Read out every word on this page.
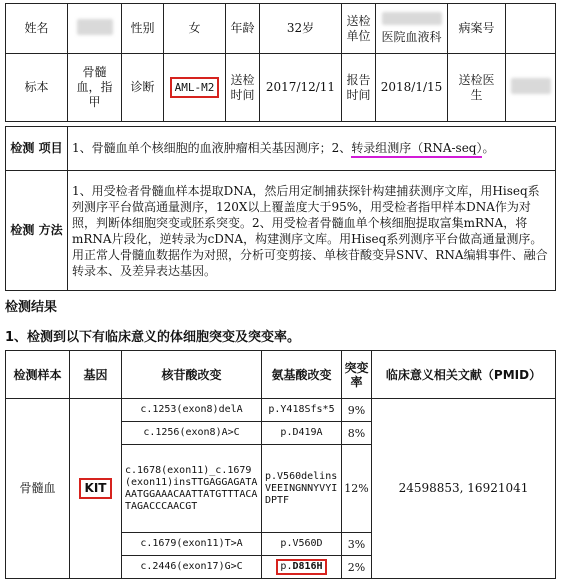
姓名		性别	女	年龄	32岁	送检单位	医院血液科	病案号	
标本	骨髓血，指甲	诊断	AML-M2	送检时间	2017/12/11	报告时间	2018/1/15	送检医生	
检测 项目	1、骨髓血单个核细胞的血液肿瘤相关基因测序；2、转录组测序（RNA-seq）。
检测 方法	1、用受检者骨髓血样本提取DNA，然后用定制捕获探针构建捕获测序文库，用Hiseq系列测序平台做高通量测序，120X以上覆盖度大于95%，用受检者指甲样本DNA作为对照，判断体细胞突变或胚系突变。2、用受检者骨髓血单个核细胞提取富集mRNA，将mRNA片段化，逆转录为cDNA，构建测序文库。用Hiseq系列测序平台做高通量测序。用正常人骨髓血数据作为对照，分析可变剪接、单核苷酸变异SNV、RNA编辑事件、融合转录本、及差异表达基因。
检测结果
1、检测到以下有临床意义的体细胞突变及突变率。
检测样本	基因	核苷酸改变	氨基酸改变	突变率	临床意义相关文献（PMID）
骨髓血	KIT	c.1253(exon8)delA	p.Y418Sfs*5	9%	24598853, 16921041
		c.1256(exon8)A>C	p.D419A	8%	
		c.1678(exon11)_c.1679(exon11)insTTGAGGAGATAAATGGAAACAATTATGTTTACATAGACCCAACGT	p.V560delinsVEEINGNNYVYIDPTF	12%	
		c.1679(exon11)T>A	p.V560D	3%	
		c.2446(exon17)G>C	p.D816H	2%	
